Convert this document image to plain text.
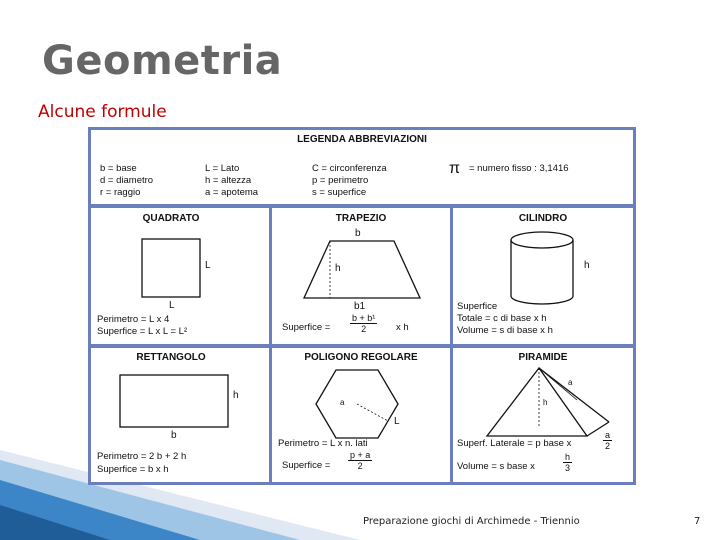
Geometria
Alcune formule
LEGENDA ABBREVIAZIONI
b = base
d = diametro
r = raggio
L = Lato
h = altezza
a = apotema
C = circonferenza
p = perimetro
s = superfice
π = numero fisso : 3,1416
QUADRATO
L
L
Perimetro = L x 4
Superfice = L x L = L²
TRAPEZIO
b
h
b1
Superfice = $\frac{\text{b + b¹}}{2}$ x h
CILINDRO
h
Superfice
Totale = c di base x h
Volume = s di base x h
RETTANGOLO
h
b
Perimetro = 2 b + 2 h
Superfice = b x h
POLIGONO REGOLARE
a
L
Perimetro = L x n. lati
Superfice = $\frac{p + a}{2}$
PIRAMIDE
a
h
Superf. Laterale = p base x	$\frac{a}{2}$
Volume = s base x	$\frac{h}{3}$
Preparazione giochi di Archimede - Triennio	7
